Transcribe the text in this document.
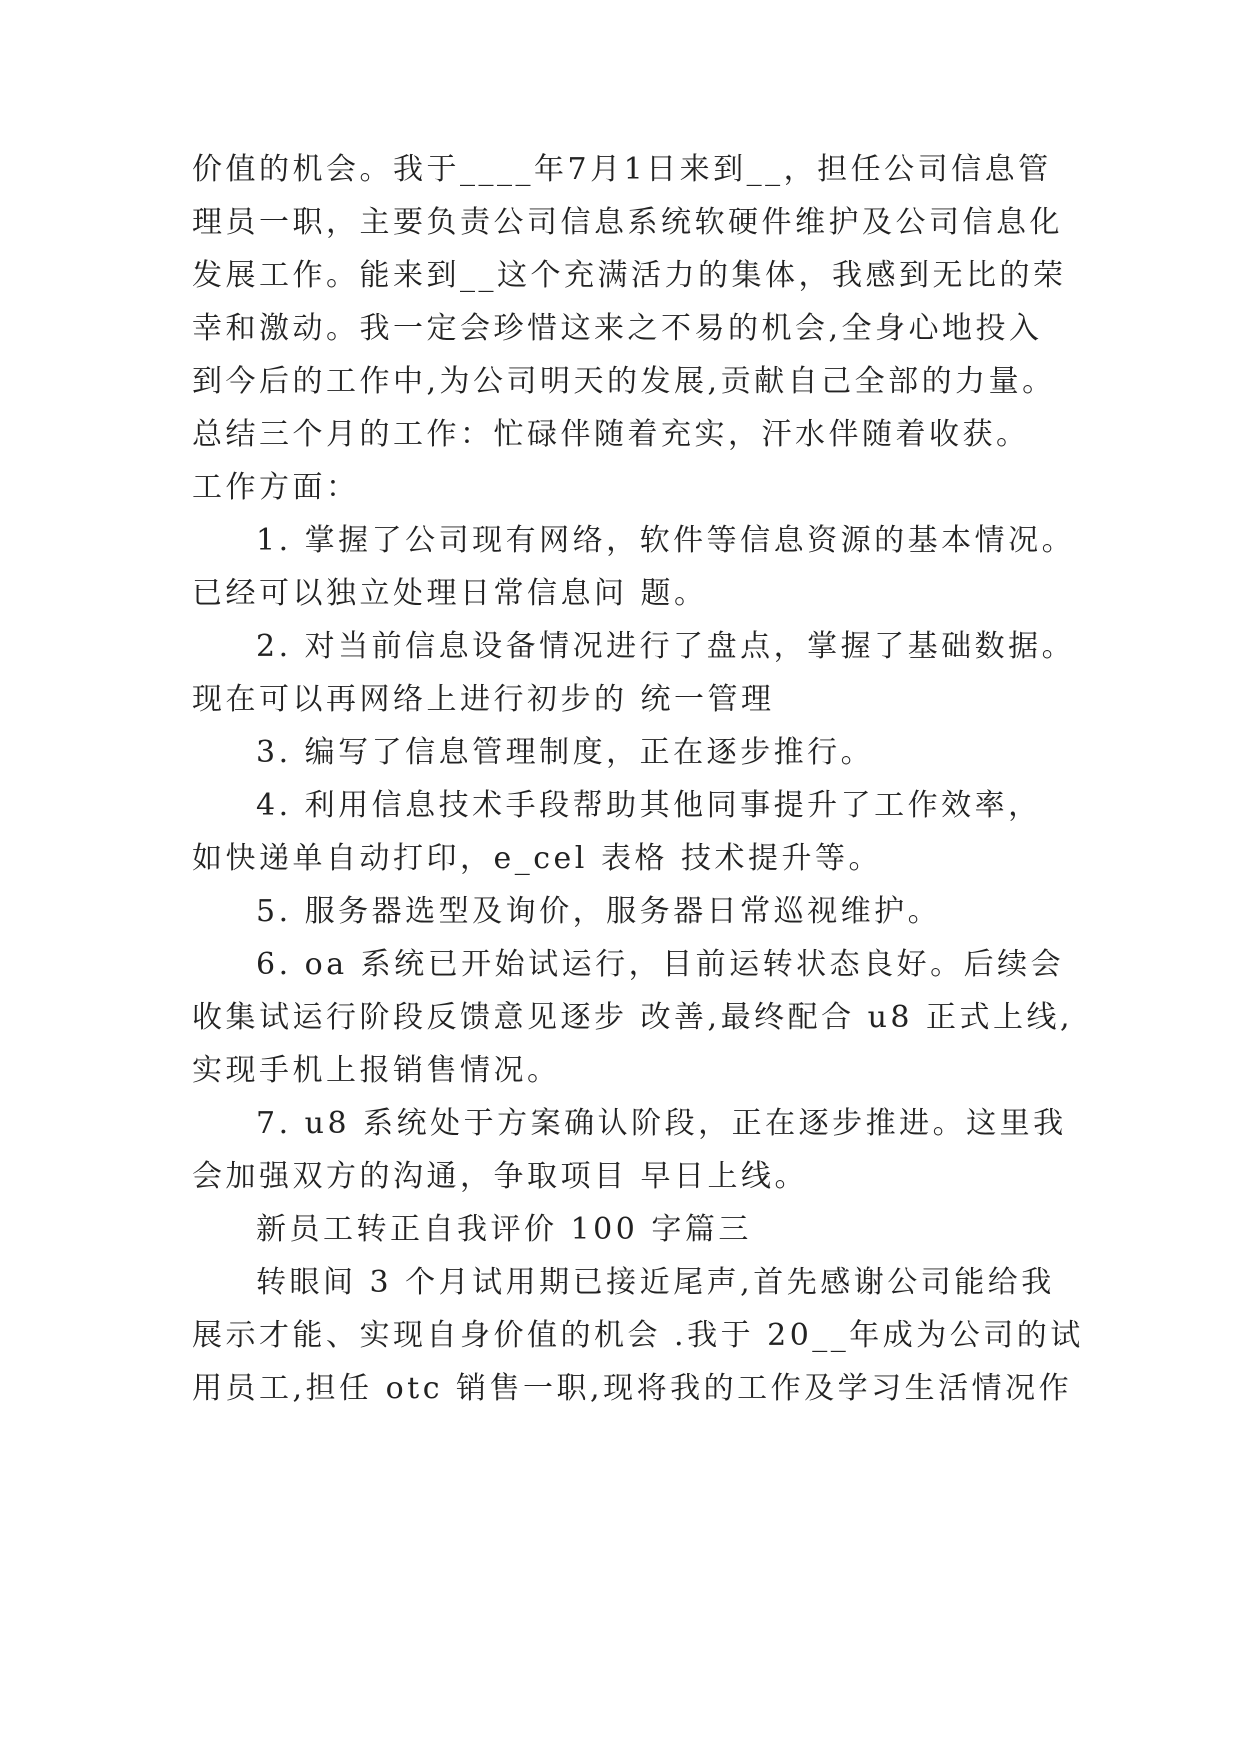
价值的机会。我于____年7月1日来到__，担任公司信息管
理员一职，主要负责公司信息系统软硬件维护及公司信息化
发展工作。能来到__这个充满活力的集体，我感到无比的荣
幸和激动。我一定会珍惜这来之不易的机会,全身心地投入
到今后的工作中,为公司明天的发展,贡献自己全部的力量。
总结三个月的工作：忙碌伴随着充实，汗水伴随着收获。
工作方面：
1. 掌握了公司现有网络，软件等信息资源的基本情况。
已经可以独立处理日常信息问 题。
2. 对当前信息设备情况进行了盘点，掌握了基础数据。
现在可以再网络上进行初步的 统一管理
3. 编写了信息管理制度，正在逐步推行。
4. 利用信息技术手段帮助其他同事提升了工作效率，
如快递单自动打印，e_cel 表格 技术提升等。
5. 服务器选型及询价，服务器日常巡视维护。
6. oa 系统已开始试运行，目前运转状态良好。后续会
收集试运行阶段反馈意见逐步 改善,最终配合 u8 正式上线,
实现手机上报销售情况。
7. u8 系统处于方案确认阶段，正在逐步推进。这里我
会加强双方的沟通，争取项目 早日上线。
新员工转正自我评价 100 字篇三
转眼间 3 个月试用期已接近尾声,首先感谢公司能给我
展示才能、实现自身价值的机会 .我于 20__年成为公司的试
用员工,担任 otc 销售一职,现将我的工作及学习生活情况作
